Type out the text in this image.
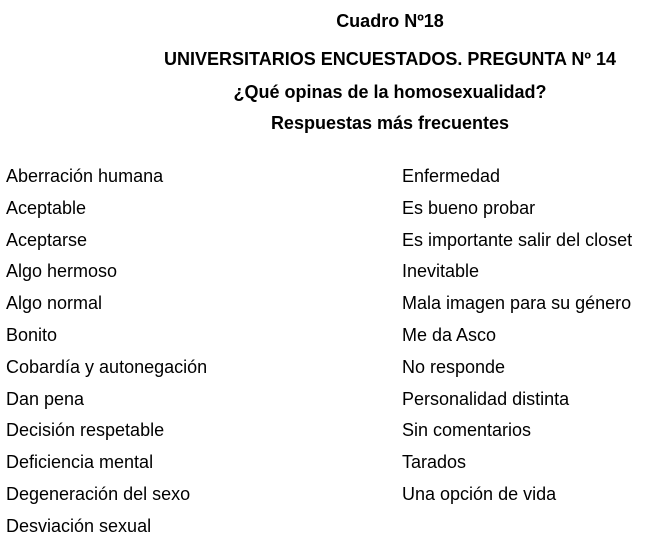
Cuadro Nº18
UNIVERSITARIOS ENCUESTADOS. PREGUNTA Nº 14
¿Qué opinas de la homosexualidad?
Respuestas más frecuentes
Aberración humana
Aceptable
Aceptarse
Algo hermoso
Algo normal
Bonito
Cobardía y autonegación
Dan pena
Decisión respetable
Deficiencia mental
Degeneración del sexo
Desviación sexual
Enfermedad
Es bueno probar
Es importante salir del closet
Inevitable
Mala imagen para su género
Me da Asco
No responde
Personalidad distinta
Sin comentarios
Tarados
Una opción de vida
